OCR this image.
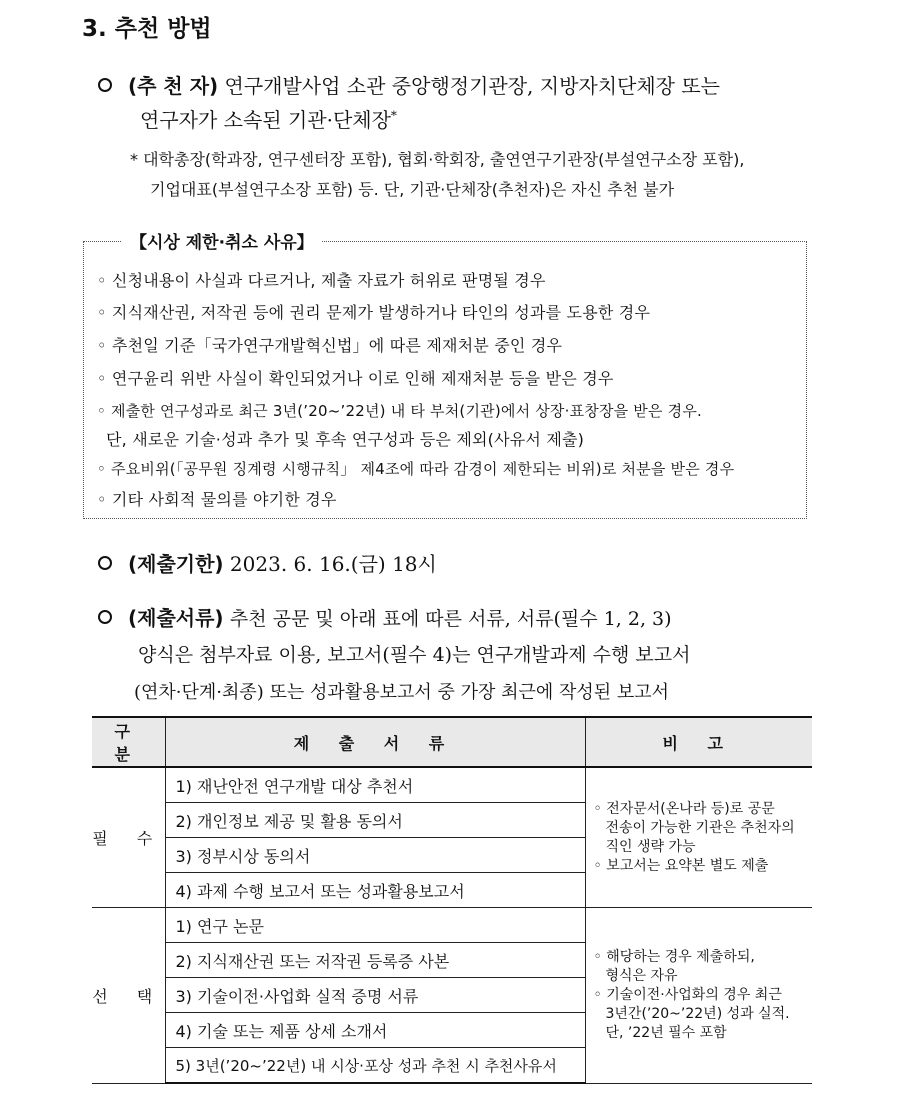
3. 추천 방법
(추 천 자) 연구개발사업 소관 중앙행정기관장, 지방자치단체장 또는
연구자가 소속된 기관·단체장*
* 대학총장(학과장, 연구센터장 포함), 협회·학회장, 출연연구기관장(부설연구소장 포함),
기업대표(부설연구소장 포함) 등. 단, 기관·단체장(추천자)은 자신 추천 불가
【시상 제한·취소 사유】
◦ 신청내용이 사실과 다르거나, 제출 자료가 허위로 판명될 경우
◦ 지식재산권, 저작권 등에 권리 문제가 발생하거나 타인의 성과를 도용한 경우
◦ 추천일 기준「국가연구개발혁신법」에 따른 제재처분 중인 경우
◦ 연구윤리 위반 사실이 확인되었거나 이로 인해 제재처분 등을 받은 경우
◦ 제출한 연구성과로 최근 3년(’20~’22년) 내 타 부처(기관)에서 상장·표창장을 받은 경우.
단, 새로운 기술·성과 추가 및 후속 연구성과 등은 제외(사유서 제출)
◦ 주요비위(「공무원 징계령 시행규칙」 제4조에 따라 감경이 제한되는 비위)로 처분을 받은 경우
◦ 기타 사회적 물의를 야기한 경우
(제출기한) 2023. 6. 16.(금) 18시
(제출서류) 추천 공문 및 아래 표에 따른 서류, 서류(필수 1, 2, 3)
양식은 첨부자료 이용, 보고서(필수 4)는 연구개발과제 수행 보고서
(연차·단계·최종) 또는 성과활용보고서 중 가장 최근에 작성된 보고서
구 분	제 출 서 류	비 고
필 수	1) 재난안전 연구개발 대상 추천서	◦ 전자문서(온나라 등)로 공문
전송이 가능한 기관은 추천자의
직인 생략 가능
◦ 보고서는 요약본 별도 제출

	2) 개인정보 제공 및 활용 동의서	
	3) 정부시상 동의서	
	4) 과제 수행 보고서 또는 성과활용보고서	
선 택	1) 연구 논문	◦ 해당하는 경우 제출하되,
형식은 자유
◦ 기술이전·사업화의 경우 최근
3년간(’20~’22년) 성과 실적.
단, ’22년 필수 포함

	2) 지식재산권 또는 저작권 등록증 사본	
	3) 기술이전·사업화 실적 증명 서류	
	4) 기술 또는 제품 상세 소개서	
	5) 3년(’20~’22년) 내 시상·포상 성과 추천 시 추천사유서	
